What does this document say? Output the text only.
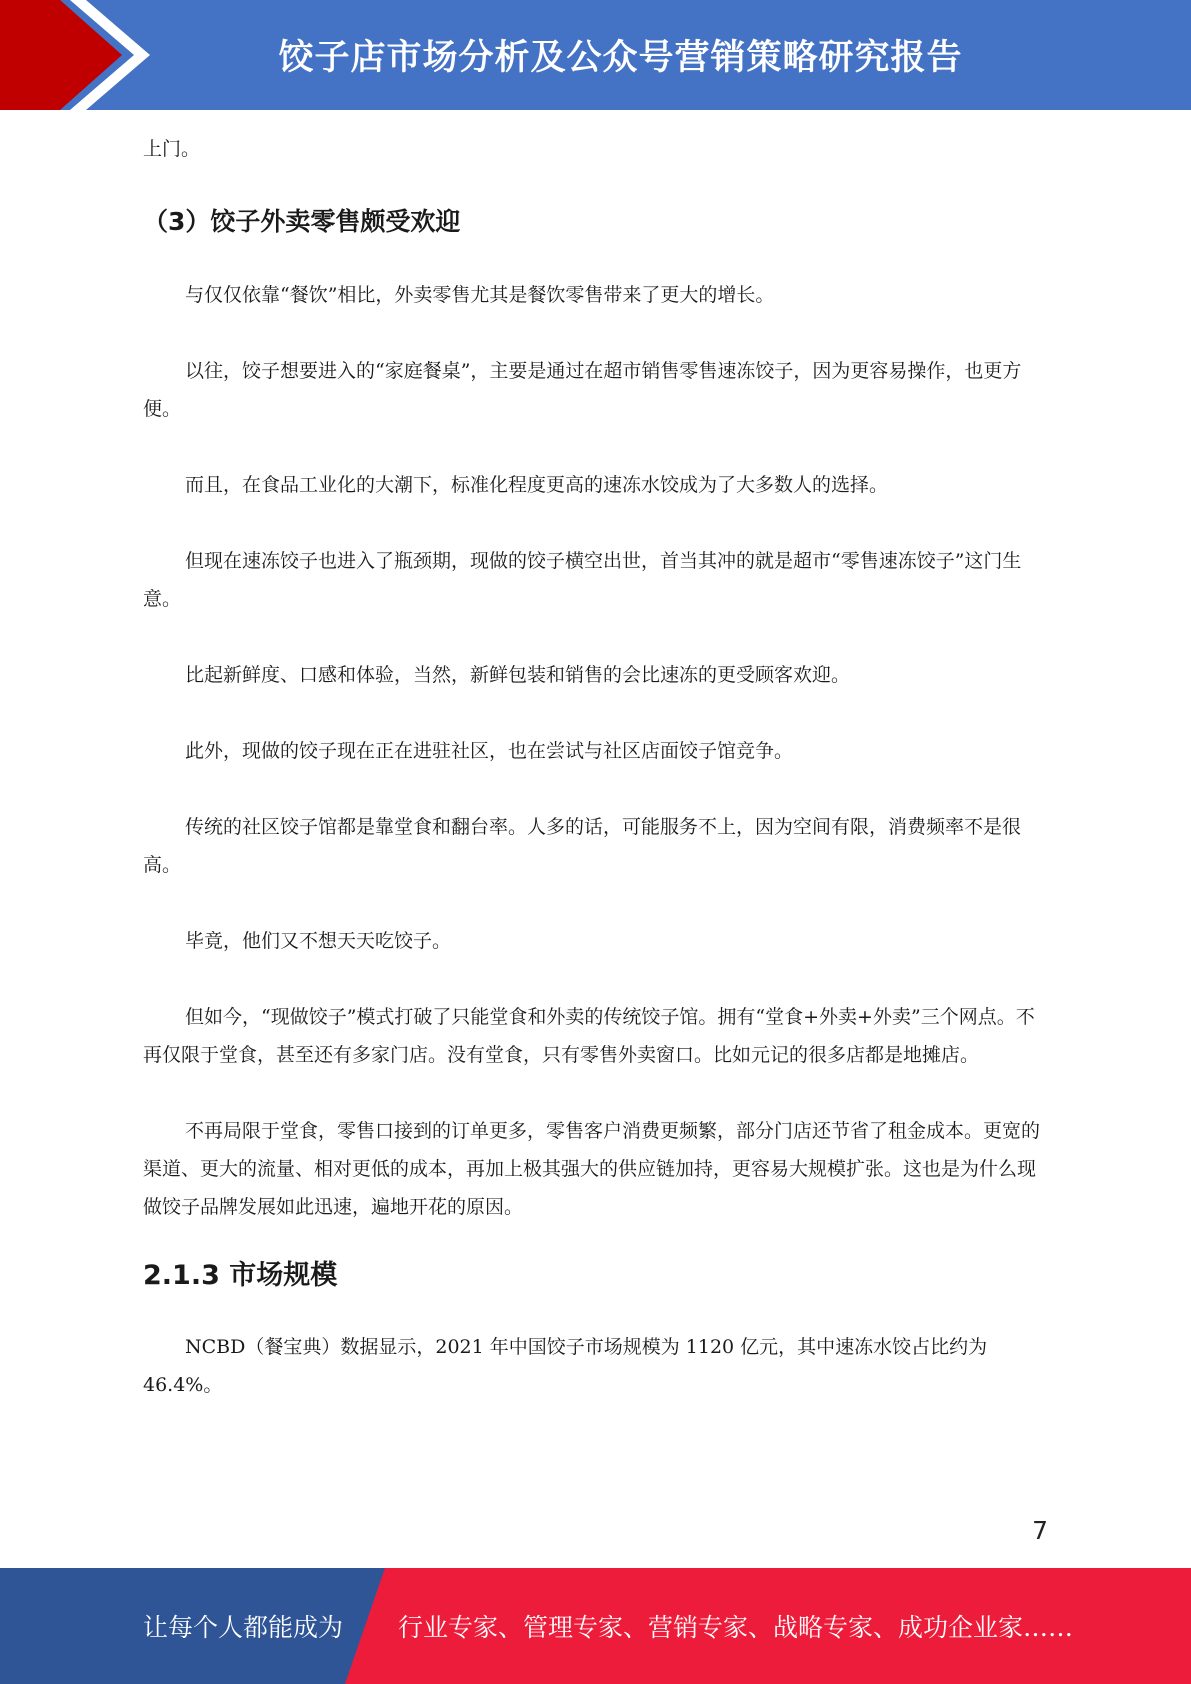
饺子店市场分析及公众号营销策略研究报告

上门。

（3）饺子外卖零售颇受欢迎

与仅仅依靠“餐饮”相比，外卖零售尤其是餐饮零售带来了更大的增长。

以往，饺子想要进入的“家庭餐桌”，主要是通过在超市销售零售速冻饺子，因为更容易操作，也更方便。

而且，在食品工业化的大潮下，标准化程度更高的速冻水饺成为了大多数人的选择。

但现在速冻饺子也进入了瓶颈期，现做的饺子横空出世，首当其冲的就是超市“零售速冻饺子”这门生意。

比起新鲜度、口感和体验，当然，新鲜包装和销售的会比速冻的更受顾客欢迎。

此外，现做的饺子现在正在进驻社区，也在尝试与社区店面饺子馆竞争。

传统的社区饺子馆都是靠堂食和翻台率。人多的话，可能服务不上，因为空间有限，消费频率不是很高。

毕竟，他们又不想天天吃饺子。

但如今，“现做饺子”模式打破了只能堂食和外卖的传统饺子馆。拥有“堂食+外卖+外卖”三个网点。不再仅限于堂食，甚至还有多家门店。没有堂食，只有零售外卖窗口。比如元记的很多店都是地摊店。

不再局限于堂食，零售口接到的订单更多，零售客户消费更频繁，部分门店还节省了租金成本。更宽的渠道、更大的流量、相对更低的成本，再加上极其强大的供应链加持，更容易大规模扩张。这也是为什么现做饺子品牌发展如此迅速，遍地开花的原因。

2.1.3 市场规模

NCBD（餐宝典）数据显示，2021 年中国饺子市场规模为 1120 亿元，其中速冻水饺占比约为 46.4%。

7
让每个人都能成为 行业专家、管理专家、营销专家、战略专家、成功企业家……
